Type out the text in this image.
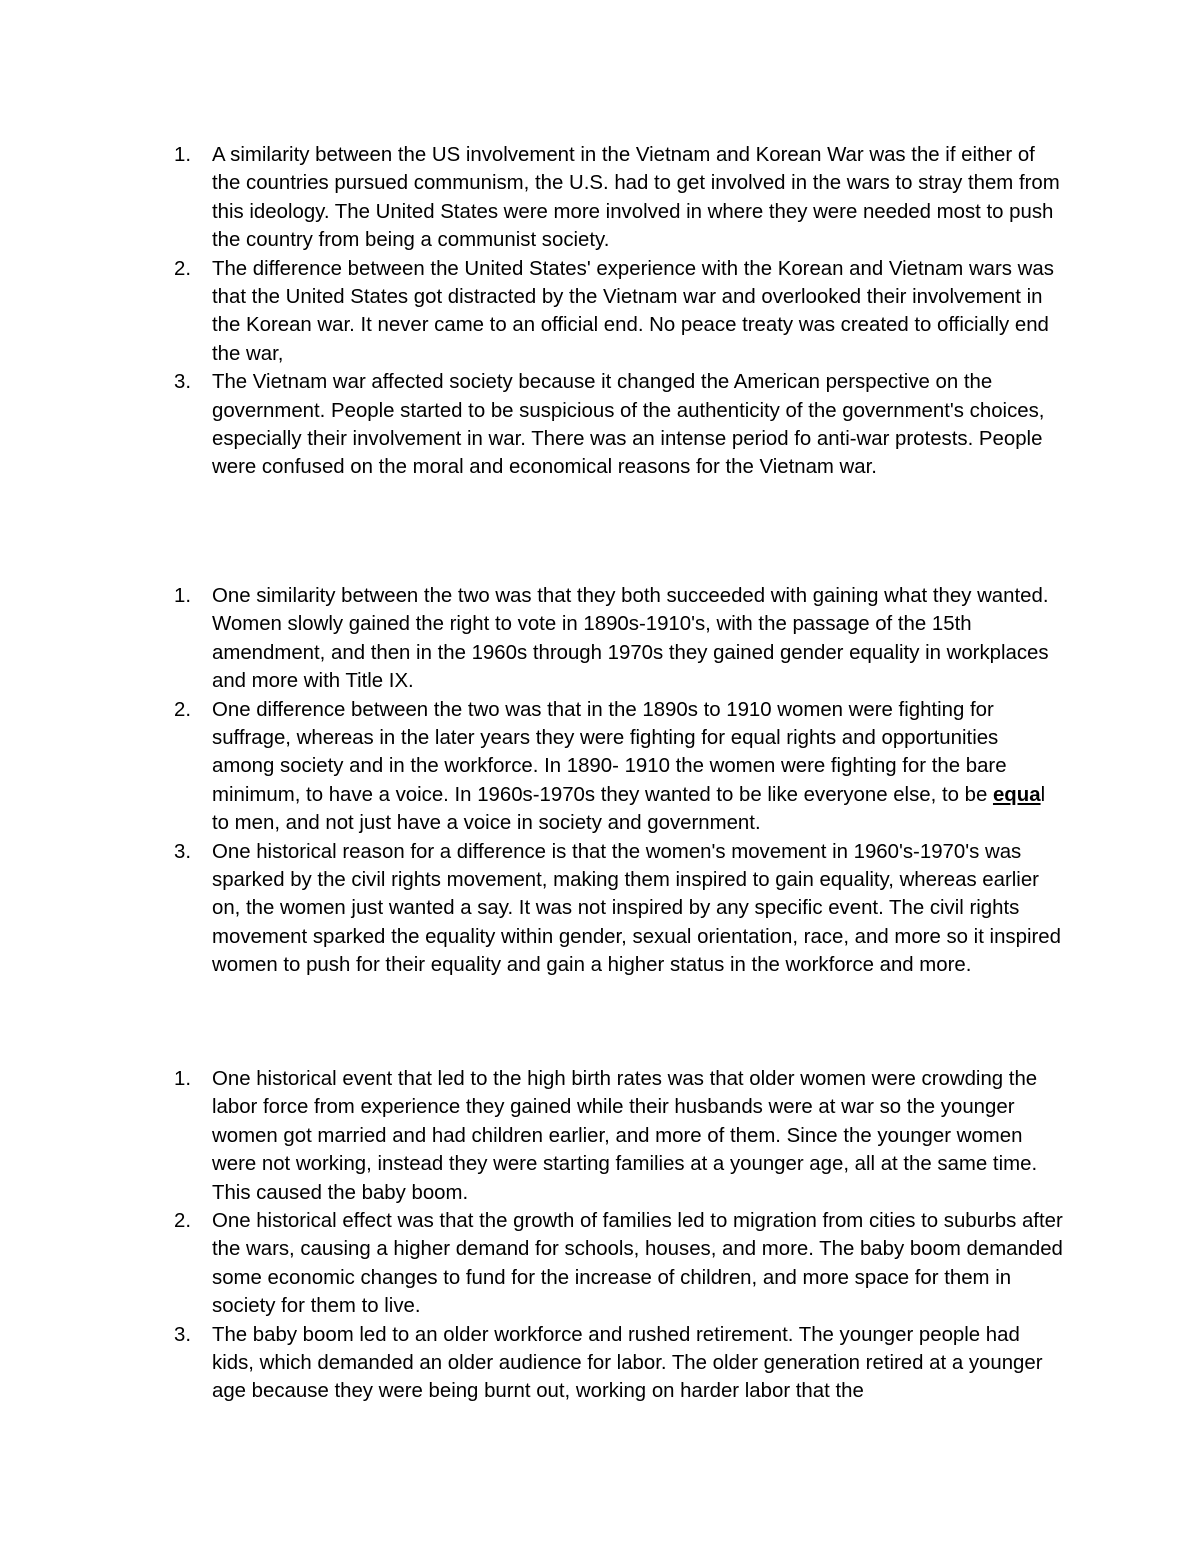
1.	A similarity between the US involvement in the Vietnam and Korean War was the if either of the countries pursued communism, the U.S. had to get involved in the wars to stray them from this ideology. The United States were more involved in where they were needed most to push the country from being a communist society.
2.	The difference between the United States' experience with the Korean and Vietnam wars was that the United States got distracted by the Vietnam war and overlooked their involvement in the Korean war. It never came to an official end. No peace treaty was created to officially end the war,
3.	The Vietnam war affected society because it changed the American perspective on the government. People started to be suspicious of the authenticity of the government's choices, especially their involvement in war. There was an intense period fo anti-war protests. People were confused on the moral and economical reasons for the Vietnam war.
1.	One similarity between the two was that they both succeeded with gaining what they wanted. Women slowly gained the right to vote in 1890s-1910's, with the passage of the 15th amendment, and then in the 1960s through 1970s they gained gender equality in workplaces and more with Title IX.
2.	One difference between the two was that in the 1890s to 1910 women were fighting for suffrage, whereas in the later years they were fighting for equal rights and opportunities among society and in the workforce. In 1890- 1910 the women were fighting for the bare minimum, to have a voice. In 1960s-1970s they wanted to be like everyone else, to be equal to men, and not just have a voice in society and government.
3.	One historical reason for a difference is that the women's movement in 1960's-1970's was sparked by the civil rights movement, making them inspired to gain equality, whereas earlier on, the women just wanted a say. It was not inspired by any specific event. The civil rights movement sparked the equality within gender, sexual orientation, race, and more so it inspired women to push for their equality and gain a higher status in the workforce and more.
1.	One historical event that led to the high birth rates was that older women were crowding the labor force from experience they gained while their husbands were at war so the younger women got married and had children earlier, and more of them. Since the younger women were not working, instead they were starting families at a younger age, all at the same time. This caused the baby boom.
2.	One historical effect was that the growth of families led to migration from cities to suburbs after the wars, causing a higher demand for schools, houses, and more. The baby boom demanded some economic changes to fund for the increase of children, and more space for them in society for them to live.
3.	The baby boom led to an older workforce and rushed retirement. The younger people had kids, which demanded an older audience for labor. The older generation retired at a younger age because they were being burnt out, working on harder labor that the
